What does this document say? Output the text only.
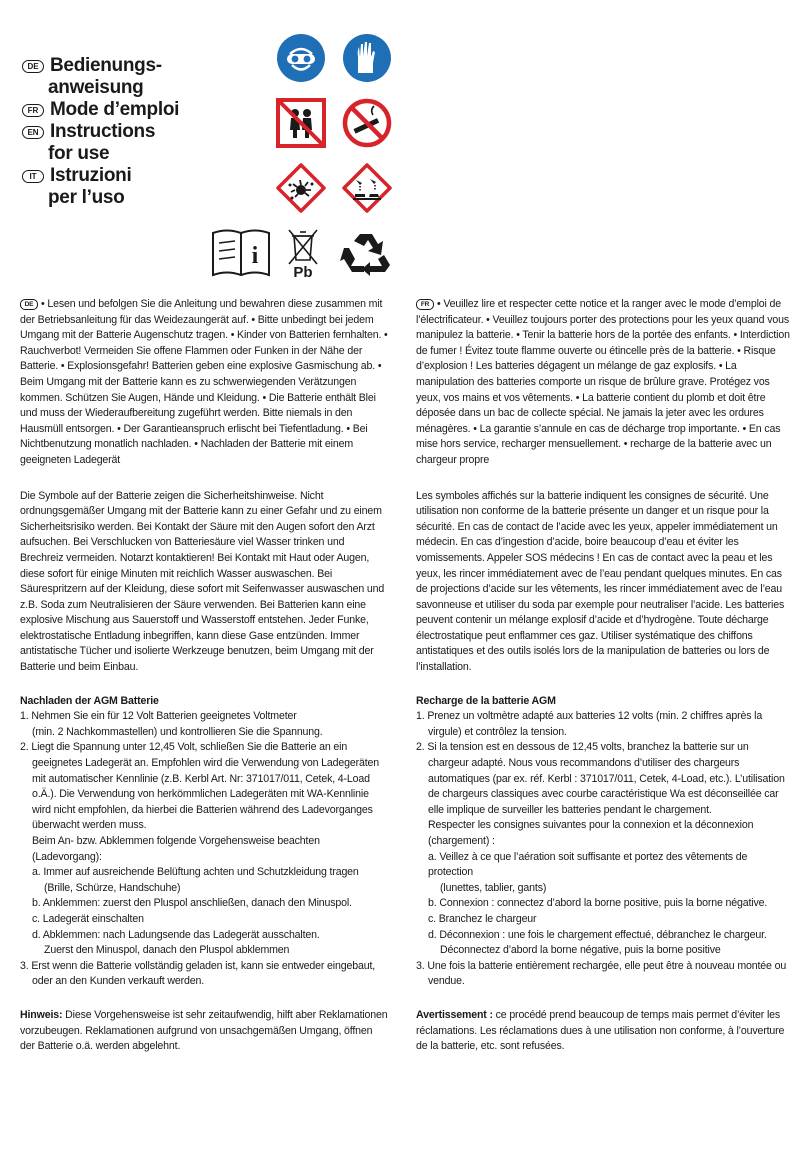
DE Bedienungs-
anweisung
FR Mode d’emploi
EN Instructions
for use
IT Istruzioni
per l’uso
i
Pb

DE • Lesen und befolgen Sie die Anleitung und bewahren diese zusammen mit der Betriebsanleitung für das Weidezaungerät auf. • Bitte unbedingt bei jedem Umgang mit der Batterie Augenschutz tragen. • Kinder von Batterien fernhalten. • Rauchverbot! Vermeiden Sie offene Flammen oder Funken in der Nähe der Batterie. • Explosionsgefahr! Batterien geben eine explosive Gasmischung ab. • Beim Umgang mit der Batterie kann es zu schwerwiegenden Verätzungen kommen. Schützen Sie Augen, Hände und Kleidung. • Die Batterie enthält Blei und muss der Wiederaufbereitung zugeführt werden. Bitte niemals in den Hausmüll entsorgen. • Der Garantieanspruch erlischt bei Tiefentladung. • Bei Nichtbenutzung monatlich nachladen. • Nachladen der Batterie mit einem geeigneten Ladegerät

Die Symbole auf der Batterie zeigen die Sicherheitshinweise. Nicht ordnungsgemäßer Umgang mit der Batterie kann zu einer Gefahr und zu einem Sicherheitsrisiko werden. Bei Kontakt der Säure mit den Augen sofort den Arzt aufsuchen. Bei Verschlucken von Batteriesäure viel Wasser trinken und Brechreiz vermeiden. Notarzt kontaktieren! Bei Kontakt mit Haut oder Augen, diese sofort für einige Minuten mit reichlich Wasser auswaschen. Bei Säurespritzern auf der Kleidung, diese sofort mit Seifenwasser auswaschen und z.B. Soda zum Neutralisieren der Säure verwenden. Bei Batterien kann eine explosive Mischung aus Sauerstoff und Wasserstoff entstehen. Jeder Funke, elektrostatische Entladung inbegriffen, kann diese Gase entzünden. Immer antistatische Tücher und isolierte Werkzeuge benutzen, beim Umgang mit der Batterie und beim Einbau.

Nachladen der AGM Batterie

1. Nehmen Sie ein für 12 Volt Batterien geeignetes Voltmeter
(min. 2 Nachkommastellen) und kontrollieren Sie die Spannung.
2. Liegt die Spannung unter 12,45 Volt, schließen Sie die Batterie an ein geeignetes Ladegerät an. Empfohlen wird die Verwendung von Ladegeräten mit automatischer Kennlinie (z.B. Kerbl Art. Nr: 371017/011, Cetek, 4-Load o.Ä.). Die Verwendung von herkömmlichen Ladegeräten mit WA-Kennlinie wird nicht empfohlen, da hierbei die Batterien während des Ladevorganges überwacht werden muss.
Beim An- bzw. Abklemmen folgende Vorgehensweise beachten
(Ladevorgang):
a. Immer auf ausreichende Belüftung achten und Schutzkleidung tragen
(Brille, Schürze, Handschuhe)
b. Anklemmen: zuerst den Pluspol anschließen, danach den Minuspol.
c. Ladegerät einschalten
d. Abklemmen: nach Ladungsende das Ladegerät ausschalten.
Zuerst den Minuspol, danach den Pluspol abklemmen
3. Erst wenn die Batterie vollständig geladen ist, kann sie entweder eingebaut, oder an den Kunden verkauft werden.

Hinweis: Diese Vorgehensweise ist sehr zeitaufwendig, hilft aber Reklamationen vorzubeugen. Reklamationen aufgrund von unsachgemäßen Umgang, öffnen der Batterie o.ä. werden abgelehnt.

FR • Veuillez lire et respecter cette notice et la ranger avec le mode d’emploi de l’électrificateur. • Veuillez toujours porter des protections pour les yeux quand vous manipulez la batterie. • Tenir la batterie hors de la portée des enfants. • Interdiction de fumer ! Évitez toute flamme ouverte ou étincelle près de la batterie. • Risque d’explosion ! Les batteries dégagent un mélange de gaz explosifs. • La manipulation des batteries comporte un risque de brûlure grave. Protégez vos yeux, vos mains et vos vêtements. • La batterie contient du plomb et doit être déposée dans un bac de collecte spécial. Ne jamais la jeter avec les ordures ménagères. • La garantie s’annule en cas de décharge trop importante. • En cas mise hors service, recharger mensuellement. • recharge de la batterie avec un chargeur propre

Les symboles affichés sur la batterie indiquent les consignes de sécurité. Une utilisation non conforme de la batterie présente un danger et un risque pour la sécurité. En cas de contact de l’acide avec les yeux, appeler immédiatement un médecin. En cas d’ingestion d’acide, boire beaucoup d’eau et éviter les vomissements. Appeler SOS médecins ! En cas de contact avec la peau et les yeux, les rincer immédiatement avec de l’eau pendant quelques minutes. En cas de projections d’acide sur les vêtements, les rincer immédiatement avec de l’eau savonneuse et utiliser du soda par exemple pour neutraliser l’acide. Les batteries peuvent contenir un mélange explosif d’acide et d’hydrogène. Toute décharge électrostatique peut enflammer ces gaz. Utiliser systématique des chiffons antistatiques et des outils isolés lors de la manipulation de batteries ou lors de l’installation.

Recharge de la batterie AGM

1. Prenez un voltmètre adapté aux batteries 12 volts (min. 2 chiffres après la virgule) et contrôlez la tension.
2. Si la tension est en dessous de 12,45 volts, branchez la batterie sur un chargeur adapté. Nous vous recommandons d’utiliser des chargeurs automatiques (par ex. réf. Kerbl : 371017/011, Cetek, 4-Load, etc.). L’utilisation de chargeurs classiques avec courbe caractéristique Wa est déconseillée car elle implique de surveiller les batteries pendant le chargement.
Respecter les consignes suivantes pour la connexion et la déconnexion (chargement) :
a. Veillez à ce que l’aération soit suffisante et portez des vêtements de protection
(lunettes, tablier, gants)
b. Connexion : connectez d’abord la borne positive, puis la borne négative.
c. Branchez le chargeur
d. Déconnexion : une fois le chargement effectué, débranchez le chargeur.
Déconnectez d’abord la borne négative, puis la borne positive
3. Une fois la batterie entièrement rechargée, elle peut être à nouveau montée ou vendue.

Avertissement : ce procédé prend beaucoup de temps mais permet d’éviter les réclamations. Les réclamations dues à une utilisation non conforme, à l’ouverture de la batterie, etc. sont refusées.
